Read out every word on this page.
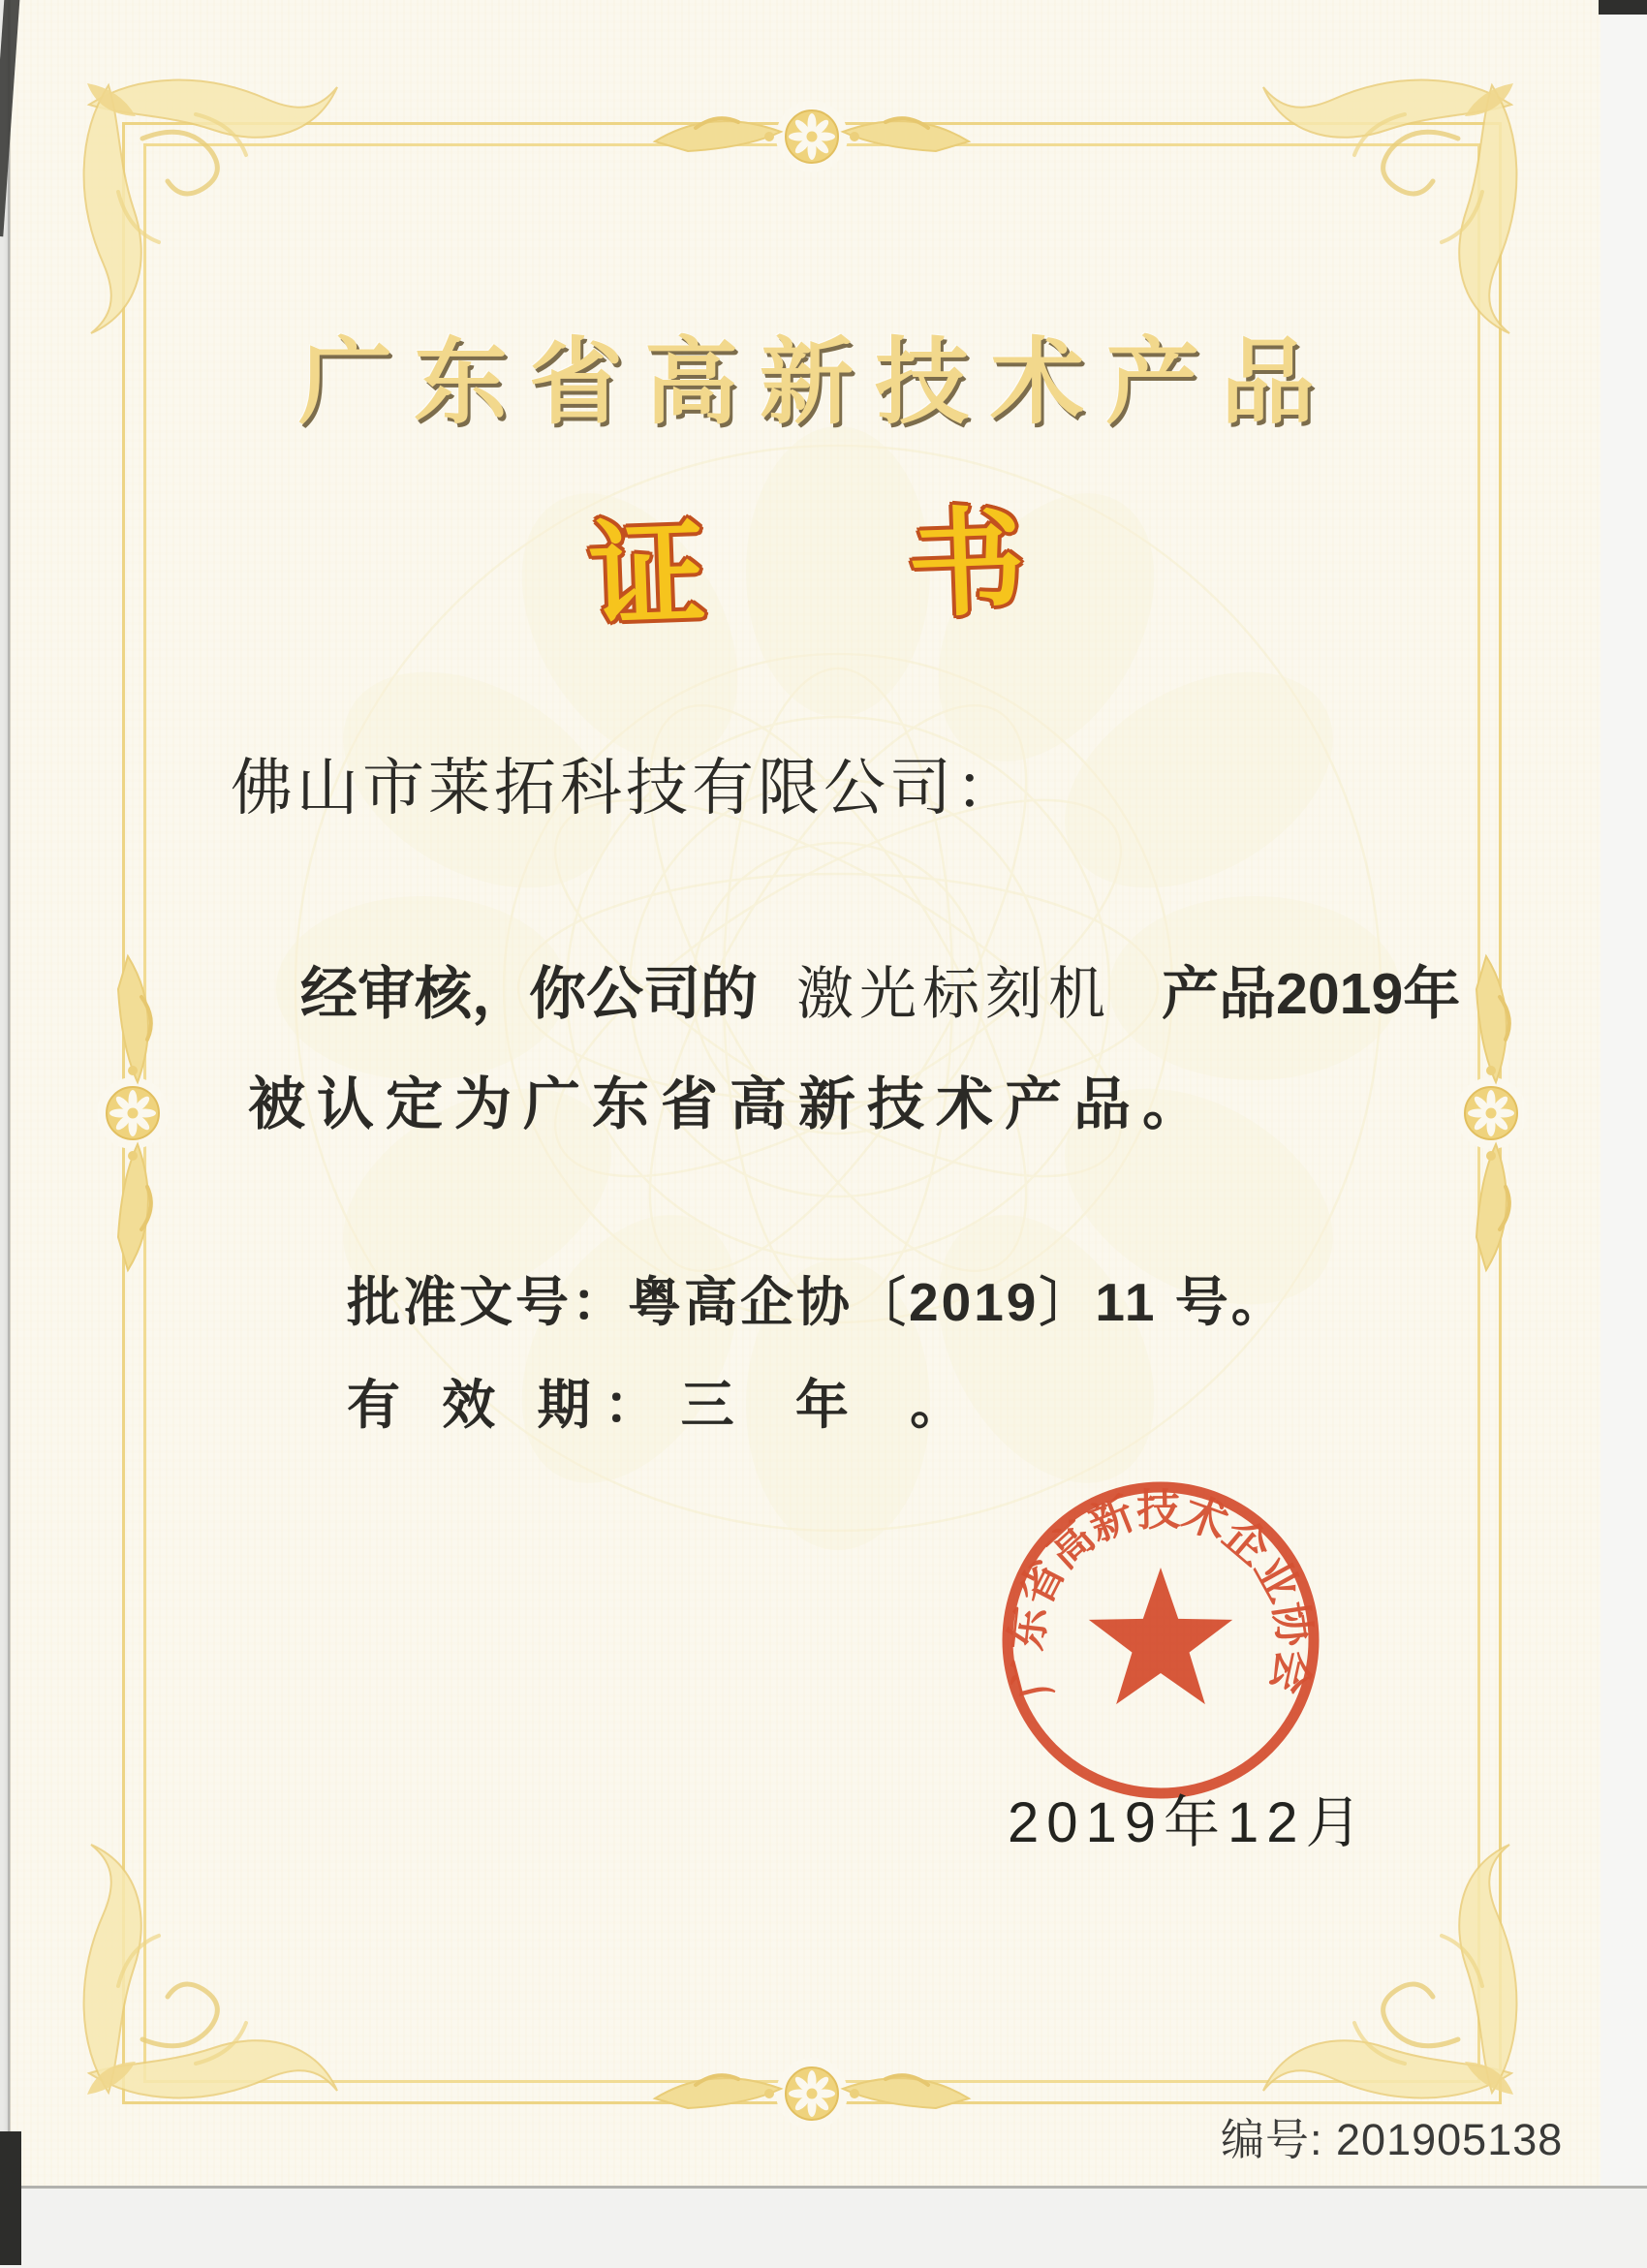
广东省高新技术产品
证 书
佛山市莱拓科技有限公司：
经审核，你公司的 激光标刻机 产品2019年
被认定为广东省高新技术产品。
批准文号：粤高企协〔2019〕11 号。
有 效 期： 三 年 。
广东省高新技术企业协会
2019年12月
编号: 201905138
